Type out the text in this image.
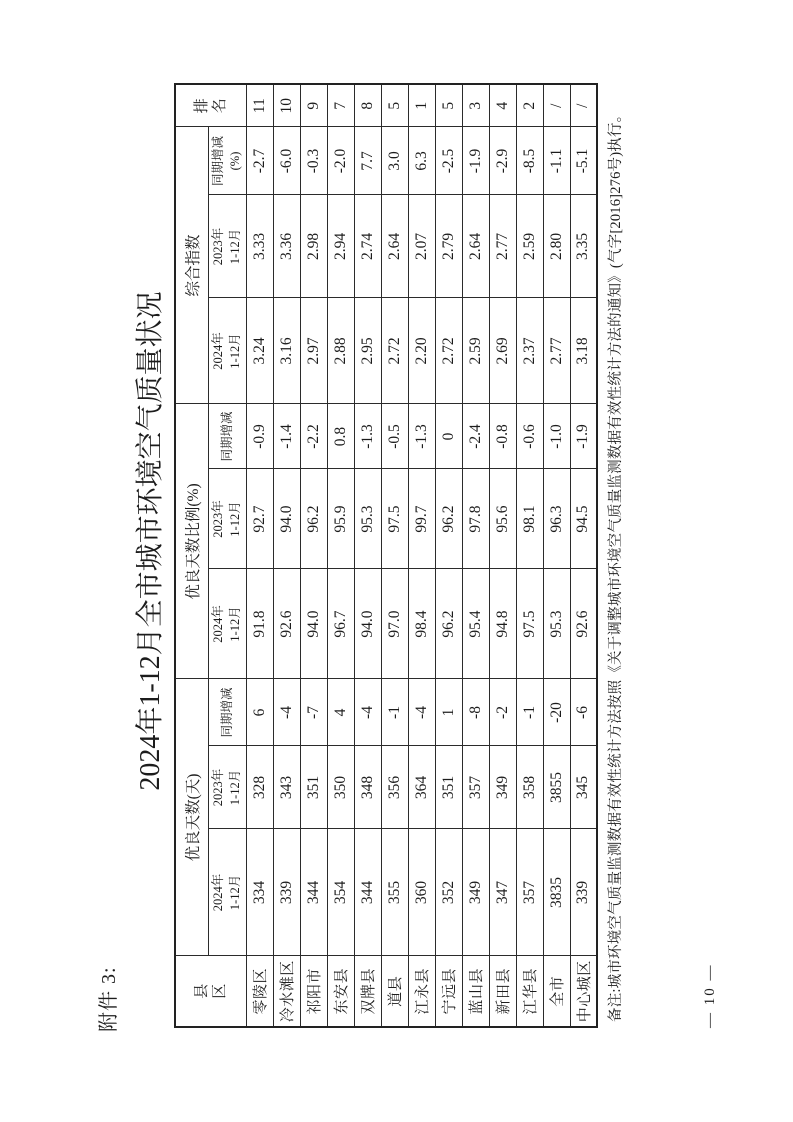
附件 3:
2024年1-12月全市城市环境空气质量状况
县区	优良天数(天)			优良天数比例(%)			综合指数			排名
	2024年1-12月	2023年1-12月	同期增减	2024年1-12月	2023年1-12月	同期增减	2024年1-12月	2023年1-12月	同期增减(%)	
零陵区	334	328	6	91.8	92.7	-0.9	3.24	3.33	-2.7	11
冷水滩区	339	343	-4	92.6	94.0	-1.4	3.16	3.36	-6.0	10
祁阳市	344	351	-7	94.0	96.2	-2.2	2.97	2.98	-0.3	9
东安县	354	350	4	96.7	95.9	0.8	2.88	2.94	-2.0	7
双牌县	344	348	-4	94.0	95.3	-1.3	2.95	2.74	7.7	8
道县	355	356	-1	97.0	97.5	-0.5	2.72	2.64	3.0	5
江永县	360	364	-4	98.4	99.7	-1.3	2.20	2.07	6.3	1
宁远县	352	351	1	96.2	96.2	0	2.72	2.79	-2.5	5
蓝山县	349	357	-8	95.4	97.8	-2.4	2.59	2.64	-1.9	3
新田县	347	349	-2	94.8	95.6	-0.8	2.69	2.77	-2.9	4
江华县	357	358	-1	97.5	98.1	-0.6	2.37	2.59	-8.5	2
全市	3835	3855	-20	95.3	96.3	-1.0	2.77	2.80	-1.1	/
中心城区	339	345	-6	92.6	94.5	-1.9	3.18	3.35	-5.1	/
备注:城市环境空气质量监测数据有效性统计方法按照《关于调整城市环境空气质量监测数据有效性统计方法的通知》(气字[2016]276号)执行。	— 10 —
